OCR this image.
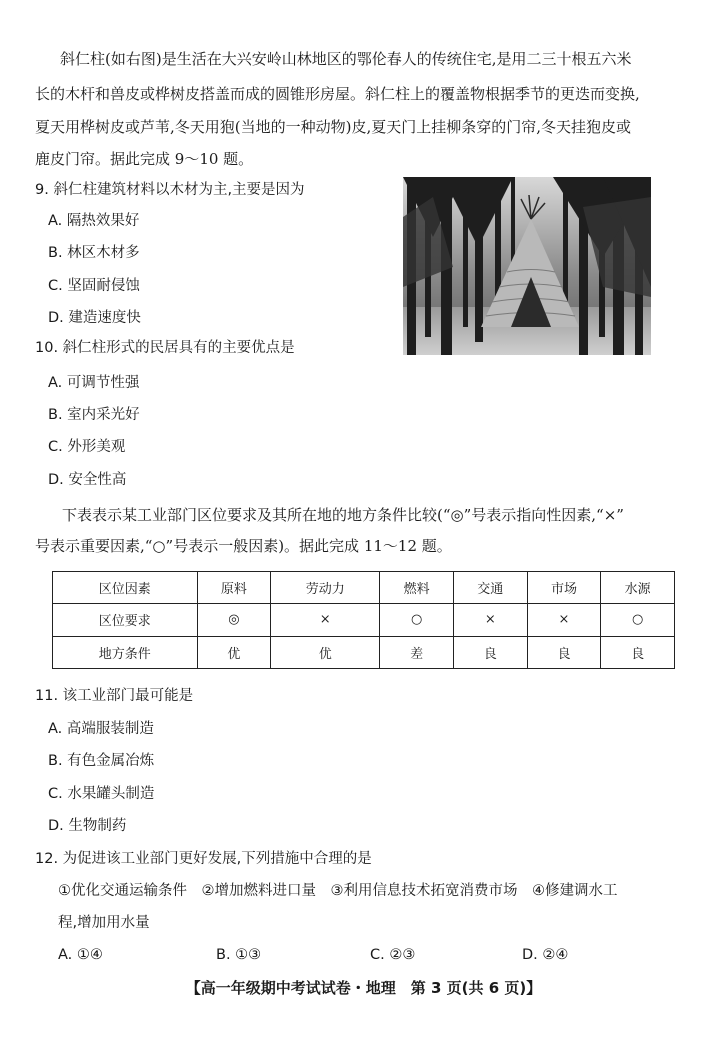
斜仁柱(如右图)是生活在大兴安岭山林地区的鄂伦春人的传统住宅,是用二三十根五六米
长的木杆和兽皮或桦树皮搭盖而成的圆锥形房屋。斜仁柱上的覆盖物根据季节的更迭而变换,
夏天用桦树皮或芦苇,冬天用狍(当地的一种动物)皮,夏天门上挂柳条穿的门帘,冬天挂狍皮或
鹿皮门帘。据此完成 9～10 题。
9. 斜仁柱建筑材料以木材为主,主要是因为
A. 隔热效果好
B. 林区木材多
C. 坚固耐侵蚀
D. 建造速度快
10. 斜仁柱形式的民居具有的主要优点是
A. 可调节性强
B. 室内采光好
C. 外形美观
D. 安全性高
下表表示某工业部门区位要求及其所在地的地方条件比较(“◎”号表示指向性因素,“×”
号表示重要因素,“○”号表示一般因素)。据此完成 11～12 题。
区位因素	原料	劳动力	燃料	交通	市场	水源
区位要求	◎	×	○	×	×	○
地方条件	优	优	差	良	良	良
11. 该工业部门最可能是
A. 高端服装制造
B. 有色金属冶炼
C. 水果罐头制造
D. 生物制药
12. 为促进该工业部门更好发展,下列措施中合理的是
①优化交通运输条件　②增加燃料进口量　③利用信息技术拓宽消费市场　④修建调水工
程,增加用水量
A. ①④	B. ①③	C. ②③	D. ②④
【高一年级期中考试试卷・地理　第 3 页(共 6 页)】
